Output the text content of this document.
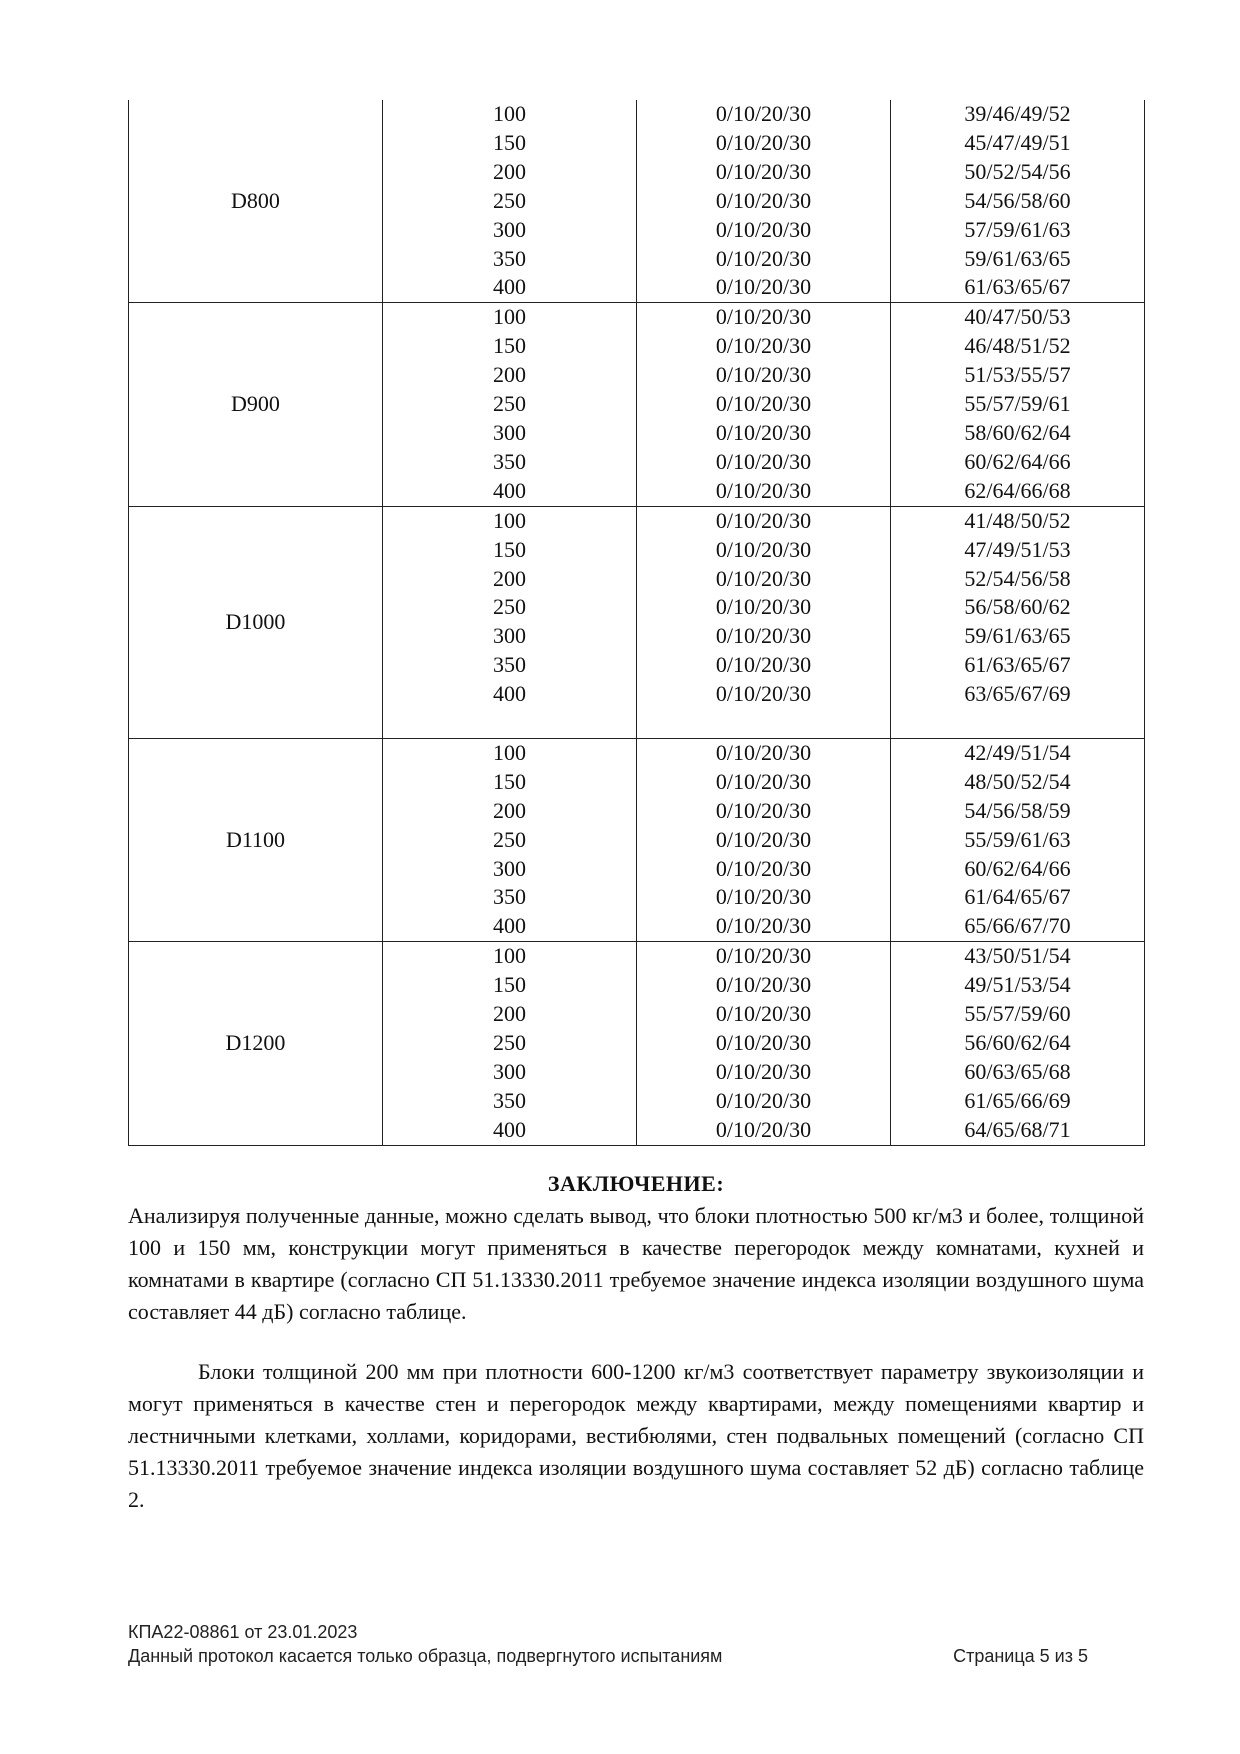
D800	100	0/10/20/30	39/46/49/52
	150	0/10/20/30	45/47/49/51
	200	0/10/20/30	50/52/54/56
	250	0/10/20/30	54/56/58/60
	300	0/10/20/30	57/59/61/63
	350	0/10/20/30	59/61/63/65
	400	0/10/20/30	61/63/65/67
D900	100	0/10/20/30	40/47/50/53
	150	0/10/20/30	46/48/51/52
	200	0/10/20/30	51/53/55/57
	250	0/10/20/30	55/57/59/61
	300	0/10/20/30	58/60/62/64
	350	0/10/20/30	60/62/64/66
	400	0/10/20/30	62/64/66/68
D1000	100	0/10/20/30	41/48/50/52
	150	0/10/20/30	47/49/51/53
	200	0/10/20/30	52/54/56/58
	250	0/10/20/30	56/58/60/62
	300	0/10/20/30	59/61/63/65
	350	0/10/20/30	61/63/65/67
	400	0/10/20/30	63/65/67/69

D1100	100	0/10/20/30	42/49/51/54
	150	0/10/20/30	48/50/52/54
	200	0/10/20/30	54/56/58/59
	250	0/10/20/30	55/59/61/63
	300	0/10/20/30	60/62/64/66
	350	0/10/20/30	61/64/65/67
	400	0/10/20/30	65/66/67/70
D1200	100	0/10/20/30	43/50/51/54
	150	0/10/20/30	49/51/53/54
	200	0/10/20/30	55/57/59/60
	250	0/10/20/30	56/60/62/64
	300	0/10/20/30	60/63/65/68
	350	0/10/20/30	61/65/66/69
	400	0/10/20/30	64/65/68/71
ЗАКЛЮЧЕНИЕ:

Анализируя полученные данные, можно сделать вывод, что блоки плотностью 500 кг/м3 и более, толщиной 100 и 150 мм, конструкции могут применяться в качестве перегородок между комнатами, кухней и комнатами в квартире (согласно СП 51.13330.2011 требуемое значение индекса изоляции воздушного шума составляет 44 дБ) согласно таблице.

Блоки толщиной 200 мм при плотности 600-1200 кг/м3 соответствует параметру звукоизоляции и могут применяться в качестве стен и перегородок между квартирами, между помещениями квартир и лестничными клетками, холлами, коридорами, вестибюлями, стен подвальных помещений (согласно СП 51.13330.2011 требуемое значение индекса изоляции воздушного шума составляет 52 дБ) согласно таблице 2.

КПА22-08861 от 23.01.2023
Данный протокол касается только образца, подвергнутого испытаниям	Страница 5 из 5
